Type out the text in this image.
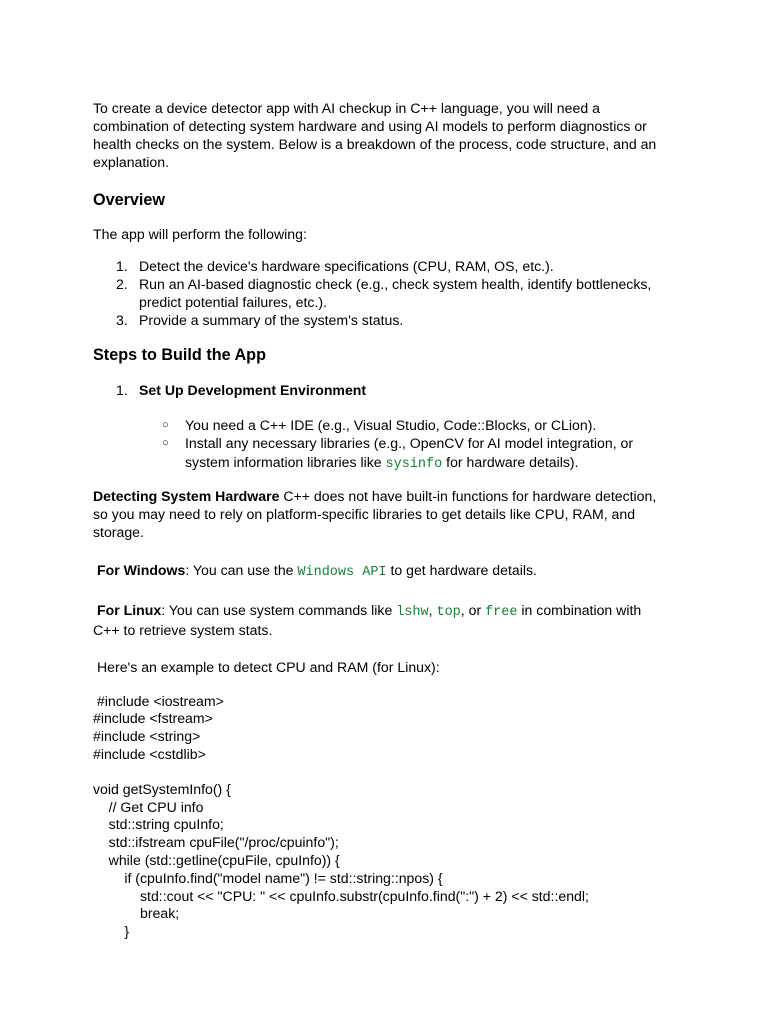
To create a device detector app with AI checkup in C++ language, you will need a
combination of detecting system hardware and using AI models to perform diagnostics or
health checks on the system. Below is a breakdown of the process, code structure, and an
explanation.
Overview

The app will perform the following:

1. Detect the device's hardware specifications (CPU, RAM, OS, etc.).
2. Run an AI-based diagnostic check (e.g., check system health, identify bottlenecks,
predict potential failures, etc.).
3. Provide a summary of the system's status.
Steps to Build the App
1. Set Up Development Environment
○ You need a C++ IDE (e.g., Visual Studio, Code::Blocks, or CLion).
○ Install any necessary libraries (e.g., OpenCV for AI model integration, or
system information libraries like sysinfo for hardware details).
Detecting System Hardware C++ does not have built-in functions for hardware detection,
so you may need to rely on platform-specific libraries to get details like CPU, RAM, and
storage.

For Windows: You can use the Windows API to get hardware details.

For Linux: You can use system commands like lshw, top, or free in combination with
C++ to retrieve system stats.

Here's an example to detect CPU and RAM (for Linux):

#include <iostream>
#include <fstream>
#include <string>
#include <cstdlib>
void getSystemInfo() {
// Get CPU info
std::string cpuInfo;
std::ifstream cpuFile("/proc/cpuinfo");
while (std::getline(cpuFile, cpuInfo)) {
if (cpuInfo.find("model name") != std::string::npos) {
std::cout << "CPU: " << cpuInfo.substr(cpuInfo.find(":") + 2) << std::endl;
break;
}
